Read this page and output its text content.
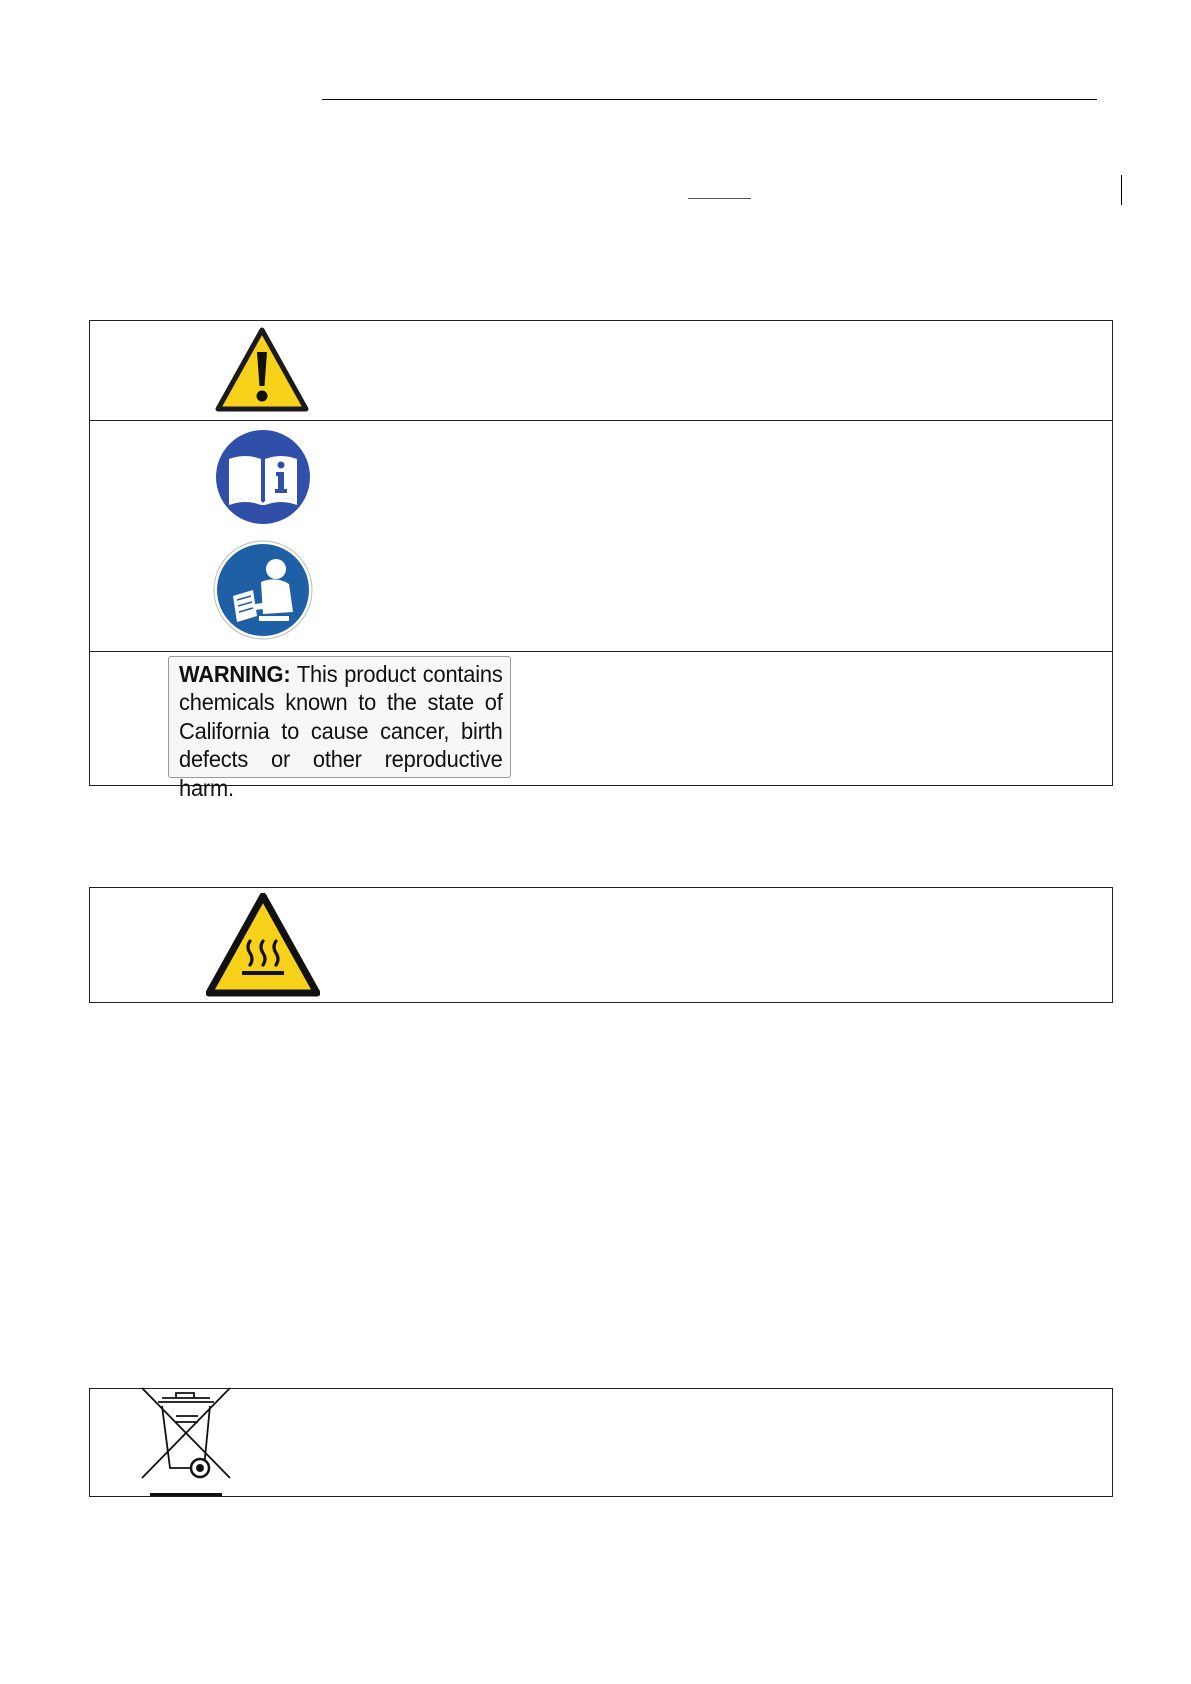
WARNING: This product contains chemicals known to the state of California to cause cancer, birth defects or other reproductive harm.
